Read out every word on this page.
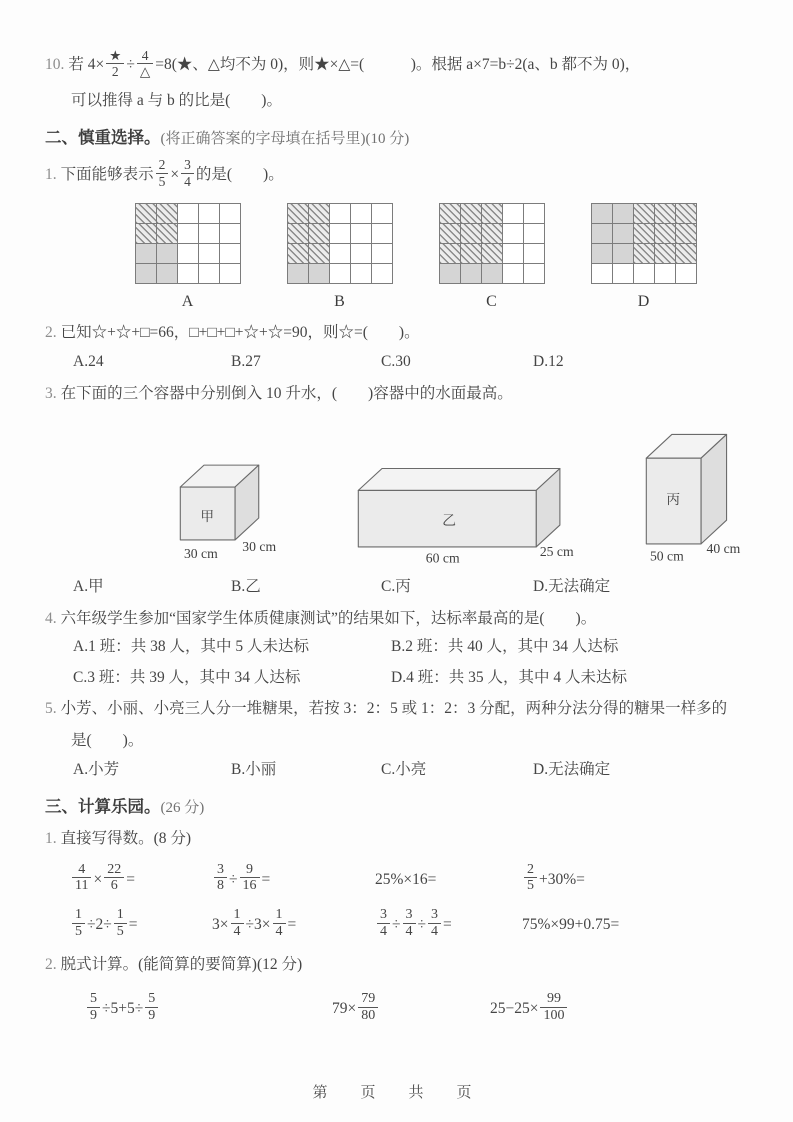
10. 若 $4\times \frac{★}{2} \div \frac{4}{\triangle}$ =8(★、△均不为 0)，则★×△=(　　　)。根据 a×7=b÷2(a、b 都不为 0)，
可以推得 a 与 b 的比是(　　)。
二、慎重选择。(将正确答案的字母填在括号里)(10 分)
1. 下面能够表示 $\frac{2}{5} \times \frac{3}{4}$ 的是(　　)。
A	B	C	D
2. 已知☆+☆+□=66，□+□+□+☆+☆=90，则☆=(　　)。
A.24	B.27	C.30	D.12
3. 在下面的三个容器中分别倒入 10 升水，(　　)容器中的水面最高。
甲
30 cm 30 cm
乙
60 cm	25 cm
丙
50 cm 40 cm
A.甲	B.乙	C.丙	D.无法确定
4. 六年级学生参加“国家学生体质健康测试”的结果如下，达标率最高的是(　　)。
A.1 班：共 38 人，其中 5 人未达标	B.2 班：共 40 人，其中 34 人达标
C.3 班：共 39 人，其中 34 人达标	D.4 班：共 35 人，其中 4 人未达标
5. 小芳、小丽、小亮三人分一堆糖果，若按 3：2：5 或 1：2：3 分配，两种分法分得的糖果一样多的
是(　　)。
A.小芳	B.小丽	C.小亮	D.无法确定
三、计算乐园。(26 分)
1. 直接写得数。(8 分)
$\frac{4}{11} \times \frac{22}{6}$ =	$\frac{3}{8} \div \frac{9}{16}$ =	25%×16=	$\frac{2}{5} +30\%=$
$\frac{1}{5} \div 2\div \frac{1}{5}$ =	$3\times \frac{1}{4} \div 3\times \frac{1}{4}$ =	$\frac{3}{4} \div \frac{3}{4} \div \frac{3}{4}$ =	75%×99+0.75=
2. 脱式计算。(能简算的要简算)(12 分)
$\frac{5}{9} \div 5+5\div \frac{5}{9}$	$79\times \frac{79}{80}$	$25-25\times \frac{99}{100}$
第　页　共　页
